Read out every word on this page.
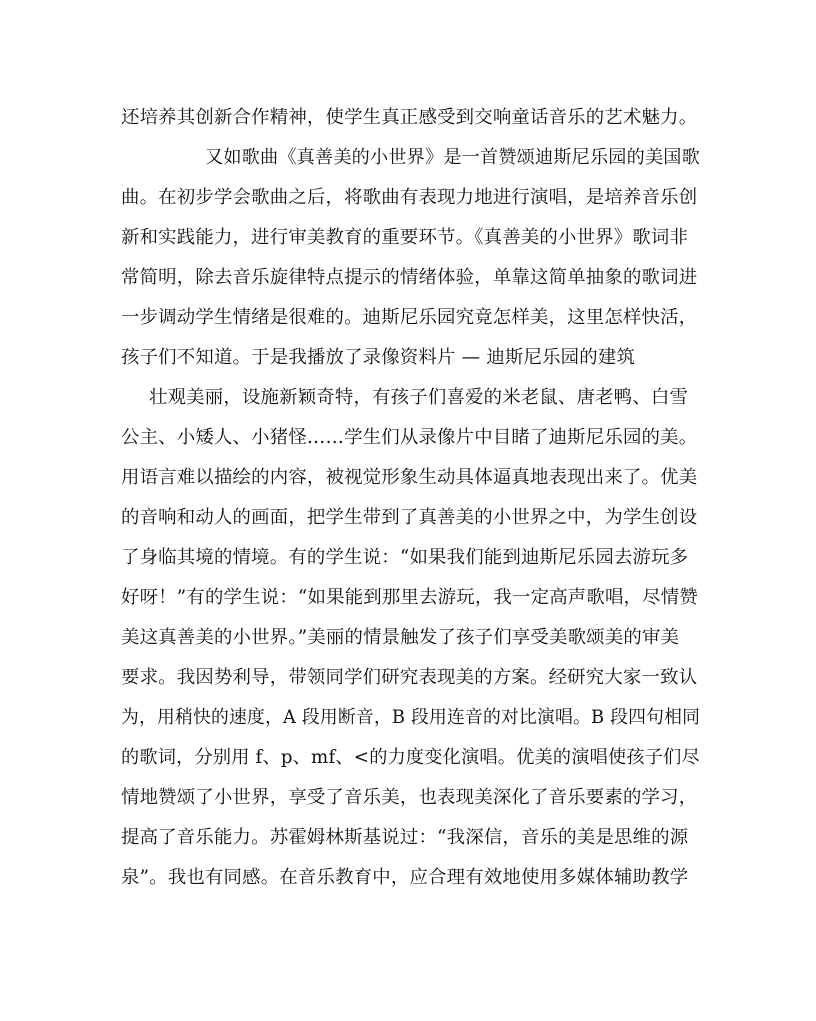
还培养其创新合作精神，使学生真正感受到交响童话音乐的艺术魅力。
又如歌曲《真善美的小世界》是一首赞颂迪斯尼乐园的美国歌
曲。在初步学会歌曲之后，将歌曲有表现力地进行演唱，是培养音乐创
新和实践能力，进行审美教育的重要环节。《真善美的小世界》歌词非
常简明，除去音乐旋律特点提示的情绪体验，单靠这简单抽象的歌词进
一步调动学生情绪是很难的。迪斯尼乐园究竟怎样美，这里怎样快活，
孩子们不知道。于是我播放了录像资料片 — 迪斯尼乐园的建筑
壮观美丽，设施新颖奇特，有孩子们喜爱的米老鼠、唐老鸭、白雪
公主、小矮人、小猪怪……学生们从录像片中目睹了迪斯尼乐园的美。
用语言难以描绘的内容，被视觉形象生动具体逼真地表现出来了。优美
的音响和动人的画面，把学生带到了真善美的小世界之中，为学生创设
了身临其境的情境。有的学生说：“如果我们能到迪斯尼乐园去游玩多
好呀！”有的学生说：“如果能到那里去游玩，我一定高声歌唱，尽情赞
美这真善美的小世界。”美丽的情景触发了孩子们享受美歌颂美的审美
要求。我因势利导，带领同学们研究表现美的方案。经研究大家一致认
为，用稍快的速度，A 段用断音，B 段用连音的对比演唱。B 段四句相同
的歌词，分别用 f、p、mf、<的力度变化演唱。优美的演唱使孩子们尽
情地赞颂了小世界，享受了音乐美，也表现美深化了音乐要素的学习，
提高了音乐能力。苏霍姆林斯基说过：“我深信，音乐的美是思维的源
泉”。我也有同感。在音乐教育中，应合理有效地使用多媒体辅助教学
